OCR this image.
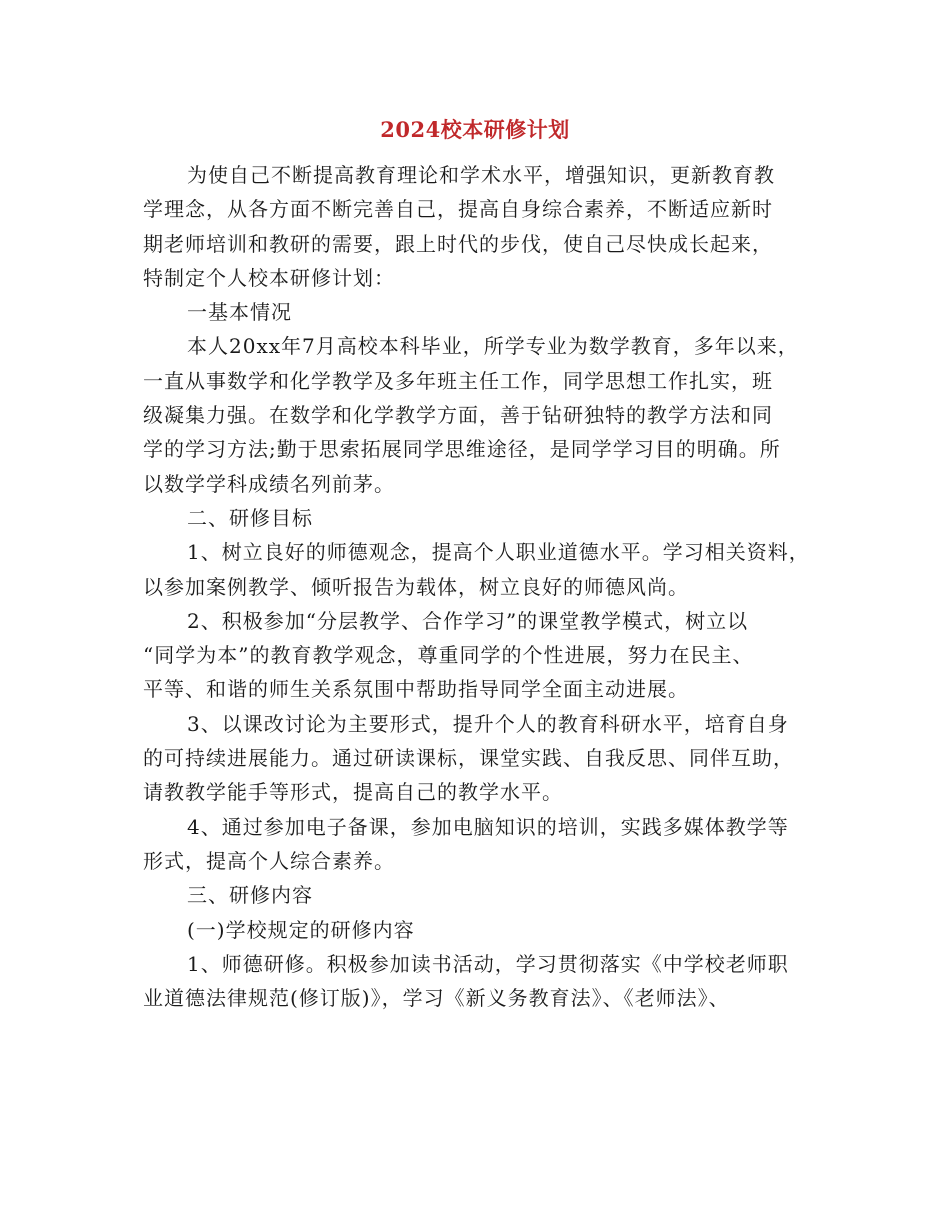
2024校本研修计划
为使自己不断提高教育理论和学术水平，增强知识，更新教育教
学理念，从各方面不断完善自己，提高自身综合素养，不断适应新时
期老师培训和教研的需要，跟上时代的步伐，使自己尽快成长起来，
特制定个人校本研修计划：
一基本情况
本人20xx年7月高校本科毕业，所学专业为数学教育，多年以来，
一直从事数学和化学教学及多年班主任工作，同学思想工作扎实，班
级凝集力强。在数学和化学教学方面，善于钻研独特的教学方法和同
学的学习方法;勤于思索拓展同学思维途径，是同学学习目的明确。所
以数学学科成绩名列前茅。
二、研修目标
1、树立良好的师德观念，提高个人职业道德水平。学习相关资料，
以参加案例教学、倾听报告为载体，树立良好的师德风尚。
2、积极参加“分层教学、合作学习”的课堂教学模式，树立以
“同学为本”的教育教学观念，尊重同学的个性进展，努力在民主、
平等、和谐的师生关系氛围中帮助指导同学全面主动进展。
3、以课改讨论为主要形式，提升个人的教育科研水平，培育自身
的可持续进展能力。通过研读课标，课堂实践、自我反思、同伴互助，
请教教学能手等形式，提高自己的教学水平。
4、通过参加电子备课，参加电脑知识的培训，实践多媒体教学等
形式，提高个人综合素养。
三、研修内容
(一)学校规定的研修内容
1、师德研修。积极参加读书活动，学习贯彻落实《中学校老师职
业道德法律规范(修订版)》，学习《新义务教育法》、《老师法》、
